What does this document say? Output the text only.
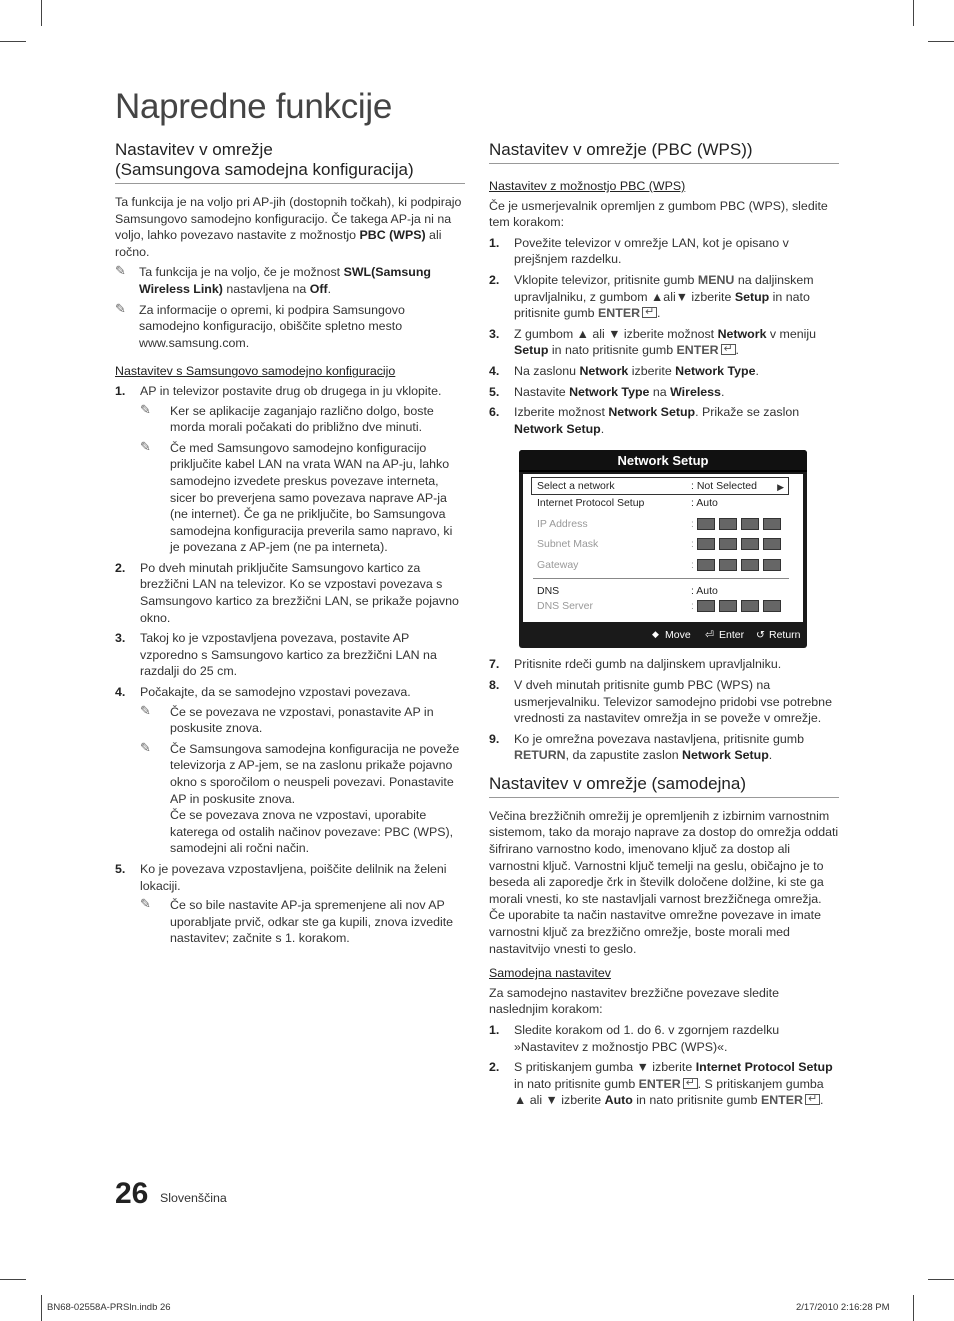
Napredne funkcije
Nastavitev v omrežje
(Samsungova samodejna konfiguracija)

Ta funkcija je na voljo pri AP-jih (dostopnih točkah), ki podpirajo Samsungovo samodejno konfiguracijo. Če takega AP-ja ni na voljo, lahko povezavo nastavite z možnostjo PBC (WPS) ali ročno.

✎ Ta funkcija je na voljo, če je možnost SWL(Samsung Wireless Link) nastavljena na Off.
✎ Za informacije o opremi, ki podpira Samsungovo samodejno konfiguracijo, obiščite spletno mesto www.samsung.com.
Nastavitev s Samsungovo samodejno konfiguracijo
1. AP in televizor postavite drug ob drugega in ju vklopite.
✎ Ker se aplikacije zaganjajo različno dolgo, boste morda morali počakati do približno dve minuti.
✎ Če med Samsungovo samodejno konfiguracijo priključite kabel LAN na vrata WAN na AP-ju, lahko samodejno izvedete preskus povezave interneta, sicer bo preverjena samo povezava naprave AP-ja (ne internet). Če ga ne priključite, bo Samsungova samodejna konfiguracija preverila samo napravo, ki je povezana z AP-jem (ne pa interneta).
2. Po dveh minutah priključite Samsungovo kartico za brezžični LAN na televizor. Ko se vzpostavi povezava s Samsungovo kartico za brezžični LAN, se prikaže pojavno okno.
3. Takoj ko je vzpostavljena povezava, postavite AP vzporedno s Samsungovo kartico za brezžični LAN na razdalji do 25 cm.
4. Počakajte, da se samodejno vzpostavi povezava.
✎ Če se povezava ne vzpostavi, ponastavite AP in poskusite znova.
✎ Če Samsungova samodejna konfiguracija ne poveže televizorja z AP-jem, se na zaslonu prikaže pojavno okno s sporočilom o neuspeli povezavi. Ponastavite AP in poskusite znova.
Če se povezava znova ne vzpostavi, uporabite katerega od ostalih načinov povezave: PBC (WPS), samodejni ali ročni način.
5. Ko je povezava vzpostavljena, poiščite delilnik na želeni lokaciji.
✎ Če so bile nastavite AP-ja spremenjene ali nov AP uporabljate prvič, odkar ste ga kupili, znova izvedite nastavitev; začnite s 1. korakom.
Nastavitev v omrežje (PBC (WPS))
Nastavitev z možnostjo PBC (WPS)

Če je usmerjevalnik opremljen z gumbom PBC (WPS), sledite tem korakom:

1. Povežite televizor v omrežje LAN, kot je opisano v prejšnjem razdelku.
2. Vklopite televizor, pritisnite gumb MENU na daljinskem upravljalniku, z gumbom ▲ali▼ izberite Setup in nato pritisnite gumb ENTER ↵ .
3. Z gumbom ▲ ali ▼ izberite možnost Network v meniju Setup in nato pritisnite gumb ENTER ↵ .
4. Na zaslonu Network izberite Network Type.
5. Nastavite Network Type na Wireless.
6. Izberite možnost Network Setup. Prikaže se zaslon Network Setup.
Network Setup
▶
Select a network	: Not Selected
Internet Protocol Setup	: Auto
IP Address	:
Subnet Mask	:
Gateway	:
DNS	: Auto
DNS Server	:
◆ Move ⏎ Enter ↺ Return
7. Pritisnite rdeči gumb na daljinskem upravljalniku.
8. V dveh minutah pritisnite gumb PBC (WPS) na usmerjevalniku. Televizor samodejno pridobi vse potrebne vrednosti za nastavitev omrežja in se poveže v omrežje.
9. Ko je omrežna povezava nastavljena, pritisnite gumb RETURN, da zapustite zaslon Network Setup.
Nastavitev v omrežje (samodejna)

Večina brezžičnih omrežij je opremljenih z izbirnim varnostnim sistemom, tako da morajo naprave za dostop do omrežja oddati šifrirano varnostno kodo, imenovano ključ za dostop ali varnostni ključ. Varnostni ključ temelji na geslu, običajno je to beseda ali zaporedje črk in številk določene dolžine, ki ste ga morali vnesti, ko ste nastavljali varnost brezžičnega omrežja. Če uporabite ta način nastavitve omrežne povezave in imate varnostni ključ za brezžično omrežje, boste morali med nastavitvijo vnesti to geslo.

Samodejna nastavitev

Za samodejno nastavitev brezžične povezave sledite naslednjim korakom:

1. Sledite korakom od 1. do 6. v zgornjem razdelku »Nastavitev z možnostjo PBC (WPS)«.
2. S pritiskanjem gumba ▼ izberite Internet Protocol Setup in nato pritisnite gumb ENTER ↵ . S pritiskanjem gumba ▲ ali ▼ izberite Auto in nato pritisnite gumb ENTER ↵ .
26 Slovenščina
BN68-02558A-PRSln.indb 26	2/17/2010 2:16:28 PM
